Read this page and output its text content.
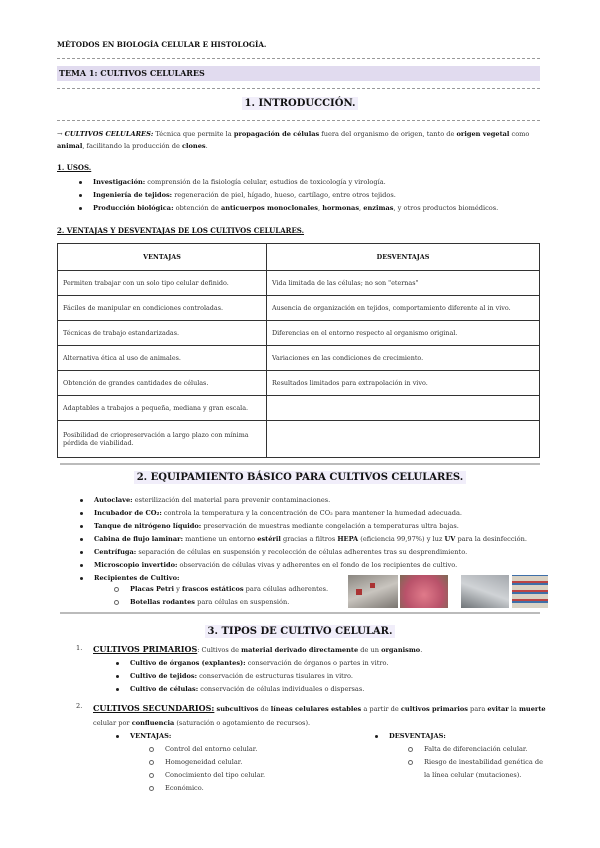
MÉTODOS EN BIOLOGÍA CELULAR E HISTOLOGÍA.
TEMA 1: CULTIVOS CELULARES
1. INTRODUCCIÓN.
→ CULTIVOS CELULARES: Técnica que permite la propagación de células fuera del organismo de origen, tanto de origen vegetal como animal, facilitando la producción de clones.
1. USOS.
Investigación: comprensión de la fisiología celular, estudios de toxicología y virología.
Ingeniería de tejidos: regeneración de piel, hígado, hueso, cartílago, entre otros tejidos.
Producción biológica: obtención de anticuerpos monoclonales, hormonas, enzimas, y otros productos biomédicos.
2. VENTAJAS Y DESVENTAJAS DE LOS CULTIVOS CELULARES.
VENTAJAS	DESVENTAJAS
Permiten trabajar con un solo tipo celular definido.	Vida limitada de las células; no son "eternas"
Fáciles de manipular en condiciones controladas.	Ausencia de organización en tejidos, comportamiento diferente al in vivo.
Técnicas de trabajo estandarizadas.	Diferencias en el entorno respecto al organismo original.
Alternativa ética al uso de animales.	Variaciones en las condiciones de crecimiento.
Obtención de grandes cantidades de células.	Resultados limitados para extrapolación in vivo.
Adaptables a trabajos a pequeña, mediana y gran escala.	
Posibilidad de criopreservación a largo plazo con mínima pérdida de viabilidad.	
2. EQUIPAMIENTO BÁSICO PARA CULTIVOS CELULARES.
Autoclave: esterilización del material para prevenir contaminaciones.
Incubador de CO₂: controla la temperatura y la concentración de CO₂ para mantener la humedad adecuada.
Tanque de nitrógeno líquido: preservación de muestras mediante congelación a temperaturas ultra bajas.
Cabina de flujo laminar: mantiene un entorno estéril gracias a filtros HEPA (eficiencia 99,97%) y luz UV para la desinfección.
Centrífuga: separación de células en suspensión y recolección de células adherentes tras su desprendimiento.
Microscopio invertido: observación de células vivas y adherentes en el fondo de los recipientes de cultivo.
Recipientes de Cultivo:
Placas Petri y frascos estáticos para células adherentes.
Botellas rodantes para células en suspensión.
3. TIPOS DE CULTIVO CELULAR.
1. CULTIVOS PRIMARIOS: Cultivos de material derivado directamente de un organismo.
Cultivo de órganos (explantes): conservación de órganos o partes in vitro.
Cultivo de tejidos: conservación de estructuras tisulares in vitro.
Cultivo de células: conservación de células individuales o dispersas.
2. CULTIVOS SECUNDARIOS: subcultivos de líneas celulares estables a partir de cultivos primarios para evitar la muerte celular por confluencia (saturación o agotamiento de recursos).
VENTAJAS:
Control del entorno celular.
Homogeneidad celular.
Conocimiento del tipo celular.
Económico.
DESVENTAJAS:
Falta de diferenciación celular.
Riesgo de inestabilidad genética de la línea celular (mutaciones).
